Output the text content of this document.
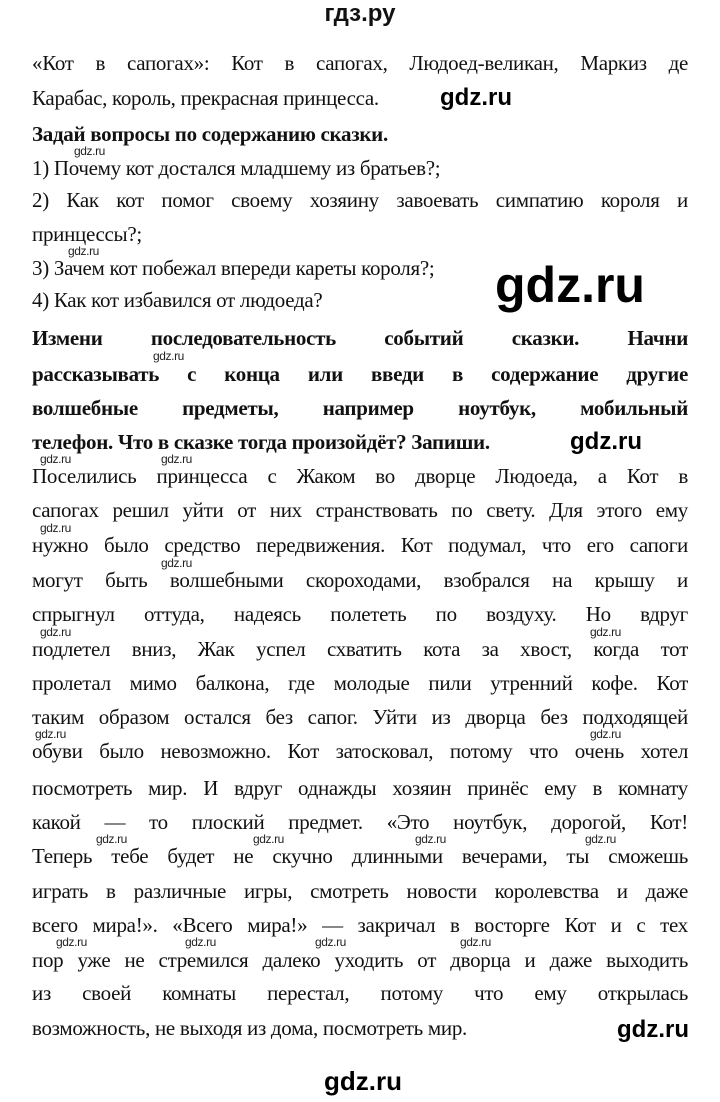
гдз.ру
«Кот в сапогах»: Кот в сапогах, Людоед-великан, Маркиз де
Карабас, король, прекрасная принцесса.
Задай вопросы по содержанию сказки.
1) Почему кот достался младшему из братьев?;
2) Как кот помог своему хозяину завоевать симпатию короля и
принцессы?;
3) Зачем кот побежал впереди кареты короля?;
4) Как кот избавился от людоеда?
Измени последовательность событий сказки. Начни
рассказывать с конца или введи в содержание другие
волшебные предметы, например ноутбук, мобильный
телефон. Что в сказке тогда произойдёт? Запиши.
Поселились принцесса с Жаком во дворце Людоеда, а Кот в
сапогах решил уйти от них странствовать по свету. Для этого ему
нужно было средство передвижения. Кот подумал, что его сапоги
могут быть волшебными скороходами, взобрался на крышу и
спрыгнул оттуда, надеясь полететь по воздуху. Но вдруг
подлетел вниз, Жак успел схватить кота за хвост, когда тот
пролетал мимо балкона, где молодые пили утренний кофе. Кот
таким образом остался без сапог. Уйти из дворца без подходящей
обуви было невозможно. Кот затосковал, потому что очень хотел
посмотреть мир. И вдруг однажды хозяин принёс ему в комнату
какой — то плоский предмет. «Это ноутбук, дорогой, Кот!
Теперь тебе будет не скучно длинными вечерами, ты сможешь
играть в различные игры, смотреть новости королевства и даже
всего мира!». «Всего мира!» — закричал в восторге Кот и с тех
пор уже не стремился далеко уходить от дворца и даже выходить
из своей комнаты перестал, потому что ему открылась
возможность, не выходя из дома, посмотреть мир.
gdz.ru
gdz.ru
gdz.ru
gdz.ru
gdz.ru	gdz.ru
gdz.ru
gdz.ru
gdz.ru	gdz.ru
gdz.ru
gdz.ru
gdz.ru	gdz.ru
gdz.ru	gdz.ru	gdz.ru	gdz.ru
gdz.ru	gdz.ru	gdz.ru	gdz.ru
gdz.ru
gdz.ru
